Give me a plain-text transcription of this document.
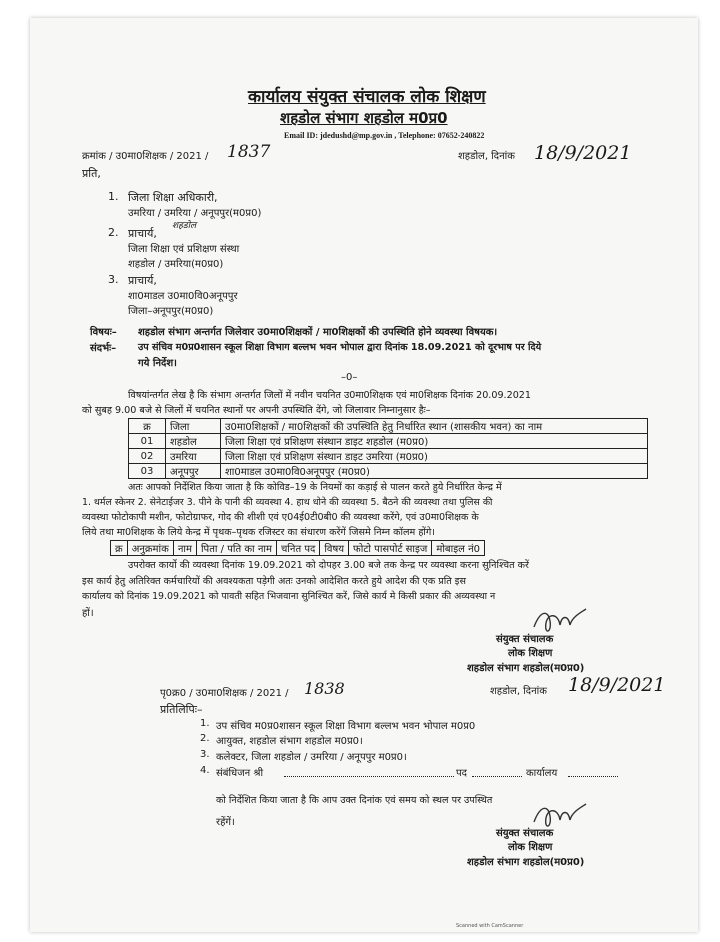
कार्यालय संयुक्त संचालक लोक शिक्षण
शहडोल संभाग शहडोल म0प्र0
Email ID: jdedushd@mp.gov.in , Telephone: 07652-240822
क्रमांक / उ0मा0शिक्षक / 2021 / 1837	शहडोल, दिनांक 18/9/2021
प्रति,
1. जिला शिक्षा अधिकारी,
उमरिया / उमरिया / अनूपपुर(म0प्र0)
शहडोल
2. प्राचार्य,
जिला शिक्षा एवं प्रशिक्षण संस्था
शहडोल / उमरिया(म0प्र0)
3. प्राचार्य,
शा0माडल उ0मा0वि0अनूपपुर
जिला–अनूपपुर(म0प्र0)
विषयः– शहडोल संभाग अन्तर्गत जिलेवार उ0मा0शिक्षकों / मा0शिक्षकों की उपस्थिति होने व्यवस्था विषयक।
संदर्भः– उप संचिव म0प्र0शासन स्कूल शिक्षा विभाग बल्लभ भवन भोपाल द्वारा दिनांक 18.09.2021 को दूरभाष पर दिये
गये निर्देश।
–0–
विषयांन्तर्गत लेख है कि संभाग अन्तर्गत जिलों में नवीन चयनित उ0मा0शिक्षक एवं मा0शिक्षक दिनांक 20.09.2021
को सुबह 9.00 बजे से जिलों में चयनित स्थानों पर अपनी उपस्थिति देंगे, जो जिलावार निम्नानुसार हैः–
क्र	जिला	उ0मा0शिक्षकों / मा0शिक्षकों की उपस्थिति हेतु निर्धारित स्थान (शासकीय भवन) का नाम
01	शहडोल	जिला शिक्षा एवं प्रशिक्षण संस्थान डाइट शहडोल (म0प्र0)
02	उमरिया	जिला शिक्षा एवं प्रशिक्षण संस्थान डाइट उमरिया (म0प्र0)
03	अनूपपुर	शा0माडल उ0मा0वि0अनूपपुर (म0प्र0)
अतः आपको निर्देशित किया जाता है कि कोविड–19 के नियमों का कड़ाई से पालन करते हुये निर्धारित केन्द्र में
1. थर्मल स्केनर 2. सेनेटाईजर 3. पीने के पानी की व्यवस्था 4. हाथ धोने की व्यवस्था 5. बैठने की व्यवस्था तथा पुलिस की
व्यवस्था फोटोकापी मशीन, फोटोग्राफर, गोद की शीशी एवं ए04ई0टी0बी0 की व्यवस्था करेंगे, एवं उ0मा0शिक्षक के
लिये तथा मा0शिक्षक के लिये केन्द्र में पृथक–पृथक रजिस्टर का संधारण करेंगें जिसमे निम्न कॉलम होंगे।
क्र	अनुक्रमांक	नाम	पिता / पति का नाम	चनित पद	विषय	फोटो पासपोर्ट साइज	मोबाइल नं0
उपरोक्त कार्यो की व्यवस्था दिनांक 19.09.2021 को दोपहर 3.00 बजे तक केन्द्र पर व्यवस्था करना सुनिश्चित करें
इस कार्य हेतु अतिरिक्त कर्मचारियों की अवश्यकता पड़ेगी अतः उनको आदेशित करते हुये आदेश की एक प्रति इस
कार्यालय को दिनांक 19.09.2021 को पावती सहित भिजवाना सुनिश्चित करें, जिसे कार्य मे किसी प्रकार की अव्यवस्था न
हों।
संयुक्त संचालक
लोक शिक्षण
शहडोल संभाग शहडोल(म0प्र0)
पृ0क्र0 / उ0मा0शिक्षक / 2021 / 1838	शहडोल, दिनांक 18/9/2021
प्रतिलिपिः–
1. उप संचिव म0प्र0शासन स्कूल शिक्षा विभाग बल्लभ भवन भोपाल म0प्र0
2. आयुक्त, शहडोल संभाग शहडोल म0प्र0।
3. कलेक्टर, जिला शहडोल / उमरिया / अनूपपुर म0प्र0।
4. संबंधिजन श्री	पद	कार्यालय
को निर्देशित किया जाता है कि आप उक्त दिनांक एवं समय को स्थल पर उपस्थित
रहेंगें।
संयुक्त संचालक
लोक शिक्षण
शहडोल संभाग शहडोल(म0प्र0)
Scanned with CamScanner
